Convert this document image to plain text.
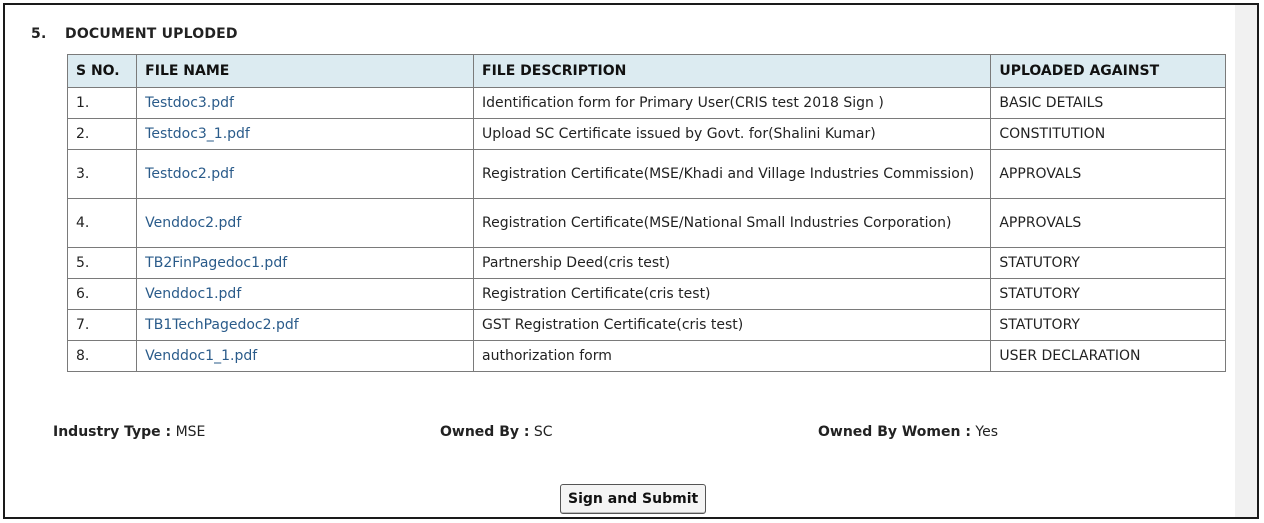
5. DOCUMENT UPLODED
S NO.	FILE NAME	FILE DESCRIPTION	UPLOADED AGAINST
1.	Testdoc3.pdf	Identification form for Primary User(CRIS test 2018 Sign )	BASIC DETAILS
2.	Testdoc3_1.pdf	Upload SC Certificate issued by Govt. for(Shalini Kumar)	CONSTITUTION
3.	Testdoc2.pdf	Registration Certificate(MSE/Khadi and Village Industries Commission)	APPROVALS
4.	Venddoc2.pdf	Registration Certificate(MSE/National Small Industries Corporation)	APPROVALS
5.	TB2FinPagedoc1.pdf	Partnership Deed(cris test)	STATUTORY
6.	Venddoc1.pdf	Registration Certificate(cris test)	STATUTORY
7.	TB1TechPagedoc2.pdf	GST Registration Certificate(cris test)	STATUTORY
8.	Venddoc1_1.pdf	authorization form	USER DECLARATION
Industry Type : MSE	Owned By : SC	Owned By Women : Yes
Sign and Submit
